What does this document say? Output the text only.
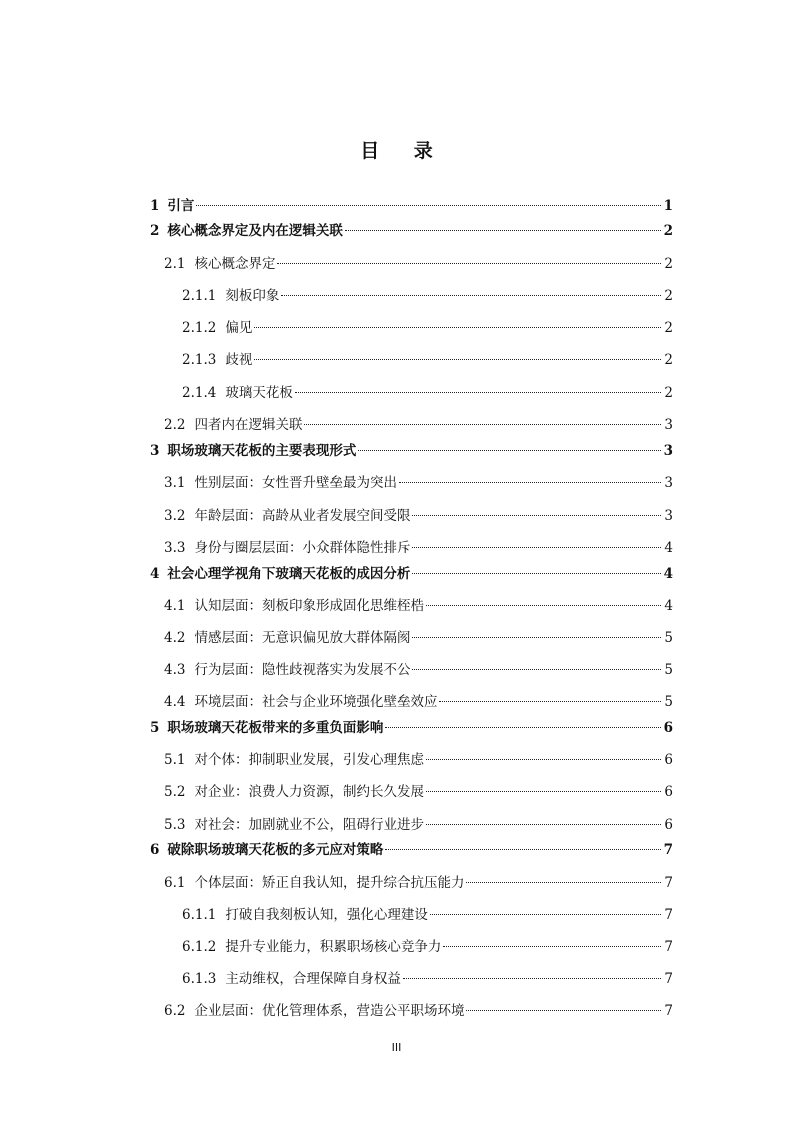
目 录
1 引言	1
2 核心概念界定及内在逻辑关联	2
2.1 核心概念界定	2
2.1.1 刻板印象	2
2.1.2 偏见	2
2.1.3 歧视	2
2.1.4 玻璃天花板	2
2.2 四者内在逻辑关联	3
3 职场玻璃天花板的主要表现形式	3
3.1 性别层面：女性晋升壁垒最为突出	3
3.2 年龄层面：高龄从业者发展空间受限	3
3.3 身份与圈层层面：小众群体隐性排斥	4
4 社会心理学视角下玻璃天花板的成因分析	4
4.1 认知层面：刻板印象形成固化思维桎梏	4
4.2 情感层面：无意识偏见放大群体隔阂	5
4.3 行为层面：隐性歧视落实为发展不公	5
4.4 环境层面：社会与企业环境强化壁垒效应	5
5 职场玻璃天花板带来的多重负面影响	6
5.1 对个体：抑制职业发展，引发心理焦虑	6
5.2 对企业：浪费人力资源，制约长久发展	6
5.3 对社会：加剧就业不公，阻碍行业进步	6
6 破除职场玻璃天花板的多元应对策略	7
6.1 个体层面：矫正自我认知，提升综合抗压能力	7
6.1.1 打破自我刻板认知，强化心理建设	7
6.1.2 提升专业能力，积累职场核心竞争力	7
6.1.3 主动维权，合理保障自身权益	7
6.2 企业层面：优化管理体系，营造公平职场环境	7
III
